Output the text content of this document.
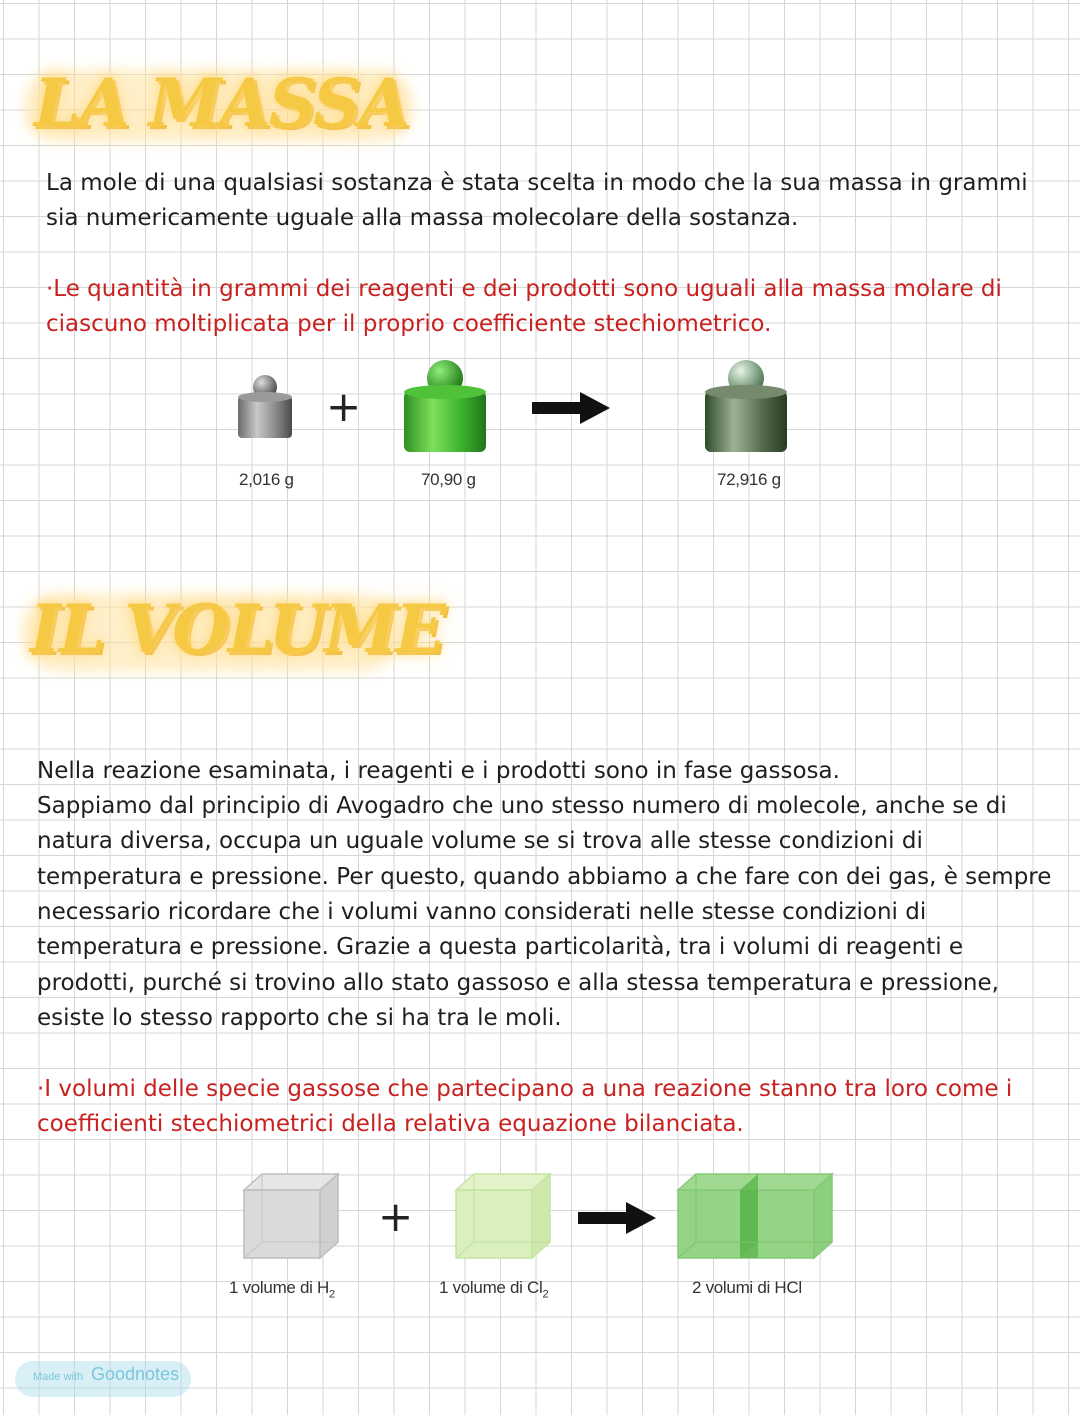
LA MASSA

La mole di una qualsiasi sostanza è stata scelta in modo che la sua massa in grammi

sia numericamente uguale alla massa molecolare della sostanza.

·Le quantità in grammi dei reagenti e dei prodotti sono uguali alla massa molare di

ciascuno moltiplicata per il proprio coefficiente stechiometrico.

+
2,016 g	70,90 g	72,916 g
IL VOLUME

Nella reazione esaminata, i reagenti e i prodotti sono in fase gassosa.

Sappiamo dal principio di Avogadro che uno stesso numero di molecole, anche se di

natura diversa, occupa un uguale volume se si trova alle stesse condizioni di

temperatura e pressione. Per questo, quando abbiamo a che fare con dei gas, è sempre

necessario ricordare che i volumi vanno considerati nelle stesse condizioni di

temperatura e pressione. Grazie a questa particolarità, tra i volumi di reagenti e

prodotti, purché si trovino allo stato gassoso e alla stessa temperatura e pressione,

esiste lo stesso rapporto che si ha tra le moli.

·I volumi delle specie gassose che partecipano a una reazione stanno tra loro come i

coefficienti stechiometrici della relativa equazione bilanciata.

+
1 volume di $H_2$	1 volume di $Cl_2$	2 volumi di HCl
Made with Goodnotes
